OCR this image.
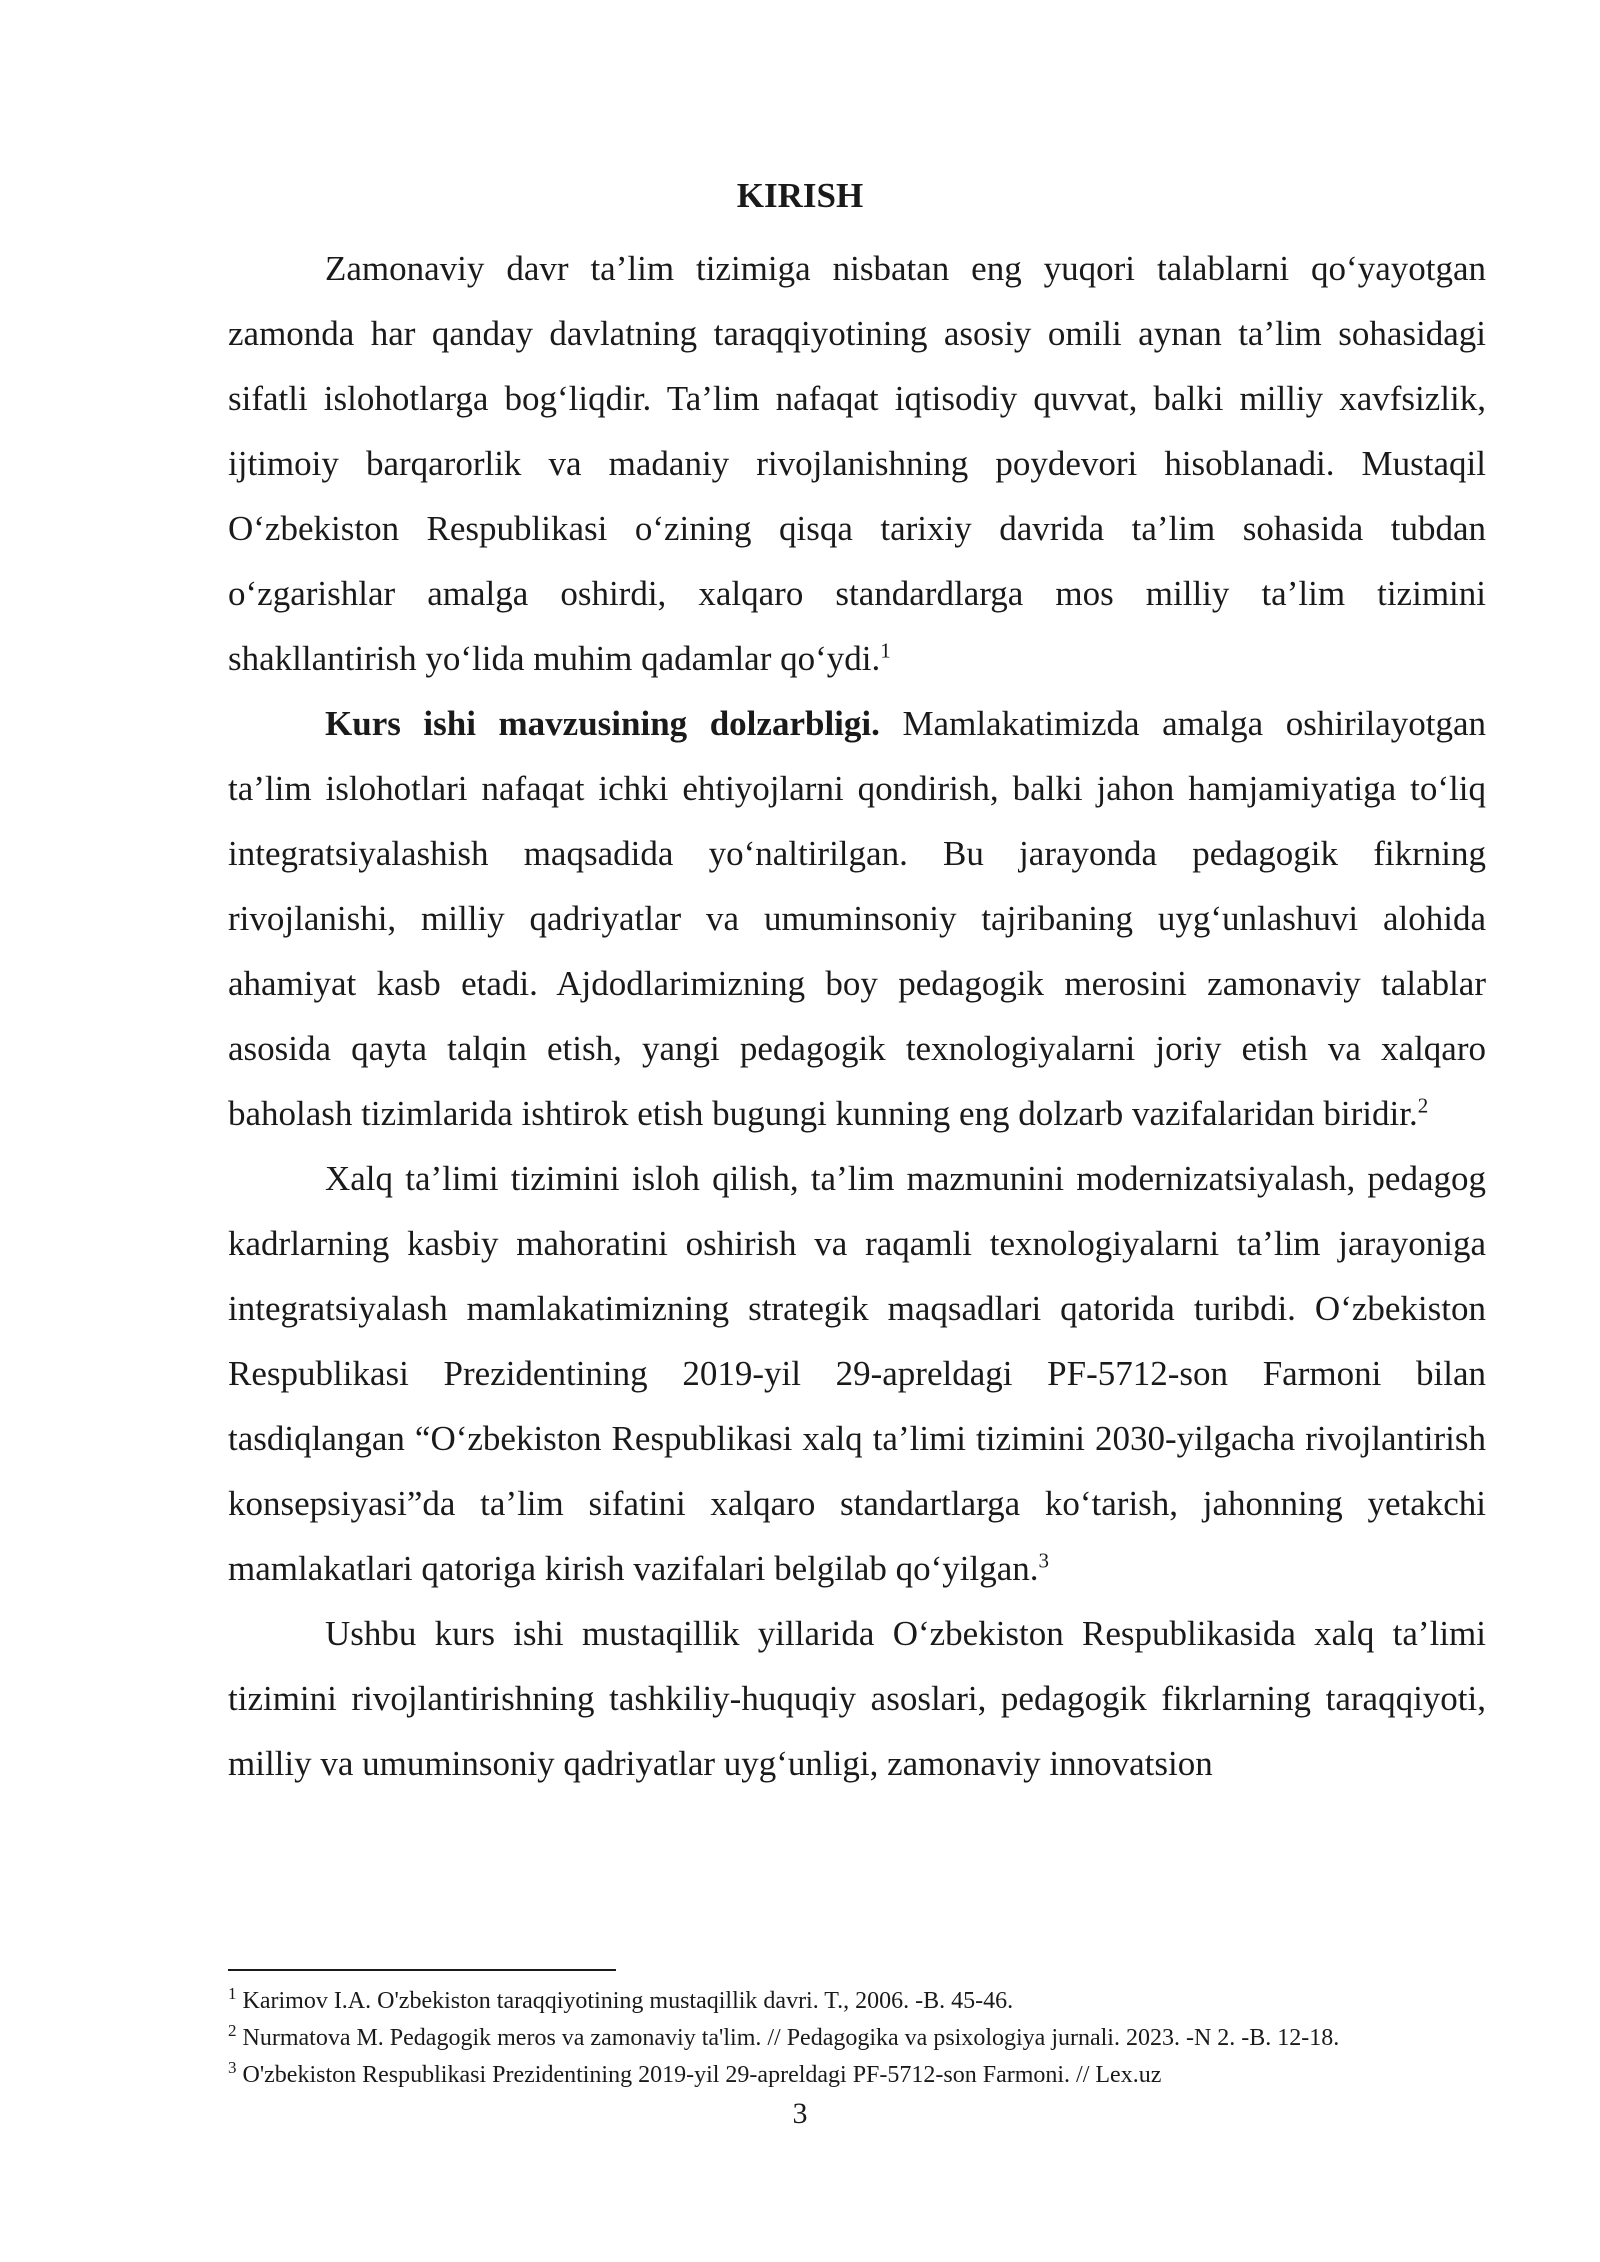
KIRISH

Zamonaviy davr ta’lim tizimiga nisbatan eng yuqori talablarni qo‘yayotgan zamonda har qanday davlatning taraqqiyotining asosiy omili aynan ta’lim sohasidagi sifatli islohotlarga bog‘liqdir. Ta’lim nafaqat iqtisodiy quvvat, balki milliy xavfsizlik, ijtimoiy barqarorlik va madaniy rivojlanishning poydevori hisoblanadi. Mustaqil O‘zbekiston Respublikasi o‘zining qisqa tarixiy davrida ta’lim sohasida tubdan o‘zgarishlar amalga oshirdi, xalqaro standardlarga mos milliy ta’lim tizimini shakllantirish yo‘lida muhim qadamlar qo‘ydi.$^1$

Kurs ishi mavzusining dolzarbligi. Mamlakatimizda amalga oshirilayotgan ta’lim islohotlari nafaqat ichki ehtiyojlarni qondirish, balki jahon hamjamiyatiga to‘liq integratsiyalashish maqsadida yo‘naltirilgan. Bu jarayonda pedagogik fikrning rivojlanishi, milliy qadriyatlar va umuminsoniy tajribaning uyg‘unlashuvi alohida ahamiyat kasb etadi. Ajdodlarimizning boy pedagogik merosini zamonaviy talablar asosida qayta talqin etish, yangi pedagogik texnologiyalarni joriy etish va xalqaro baholash tizimlarida ishtirok etish bugungi kunning eng dolzarb vazifalaridan biridir.$^2$

Xalq ta’limi tizimini isloh qilish, ta’lim mazmunini modernizatsiyalash, pedagog kadrlarning kasbiy mahoratini oshirish va raqamli texnologiyalarni ta’lim jarayoniga integratsiyalash mamlakatimizning strategik maqsadlari qatorida turibdi. O‘zbekiston Respublikasi Prezidentining 2019-yil 29-apreldagi PF-5712-son Farmoni bilan tasdiqlangan “O‘zbekiston Respublikasi xalq ta’limi tizimini 2030-yilgacha rivojlantirish konsepsiyasi”da ta’lim sifatini xalqaro standartlarga ko‘tarish, jahonning yetakchi mamlakatlari qatoriga kirish vazifalari belgilab qo‘yilgan.$^3$

Ushbu kurs ishi mustaqillik yillarida O‘zbekiston Respublikasida xalq ta’limi tizimini rivojlantirishning tashkiliy-huquqiy asoslari, pedagogik fikrlarning taraqqiyoti, milliy va umuminsoniy qadriyatlar uyg‘unligi, zamonaviy innovatsion

$^1$ Karimov I.A. O'zbekiston taraqqiyotining mustaqillik davri. T., 2006. -B. 45-46.

$^2$ Nurmatova M. Pedagogik meros va zamonaviy ta'lim. // Pedagogika va psixologiya jurnali. 2023. -N 2. -B. 12-18.

$^3$ O'zbekiston Respublikasi Prezidentining 2019-yil 29-apreldagi PF-5712-son Farmoni. // Lex.uz

3
